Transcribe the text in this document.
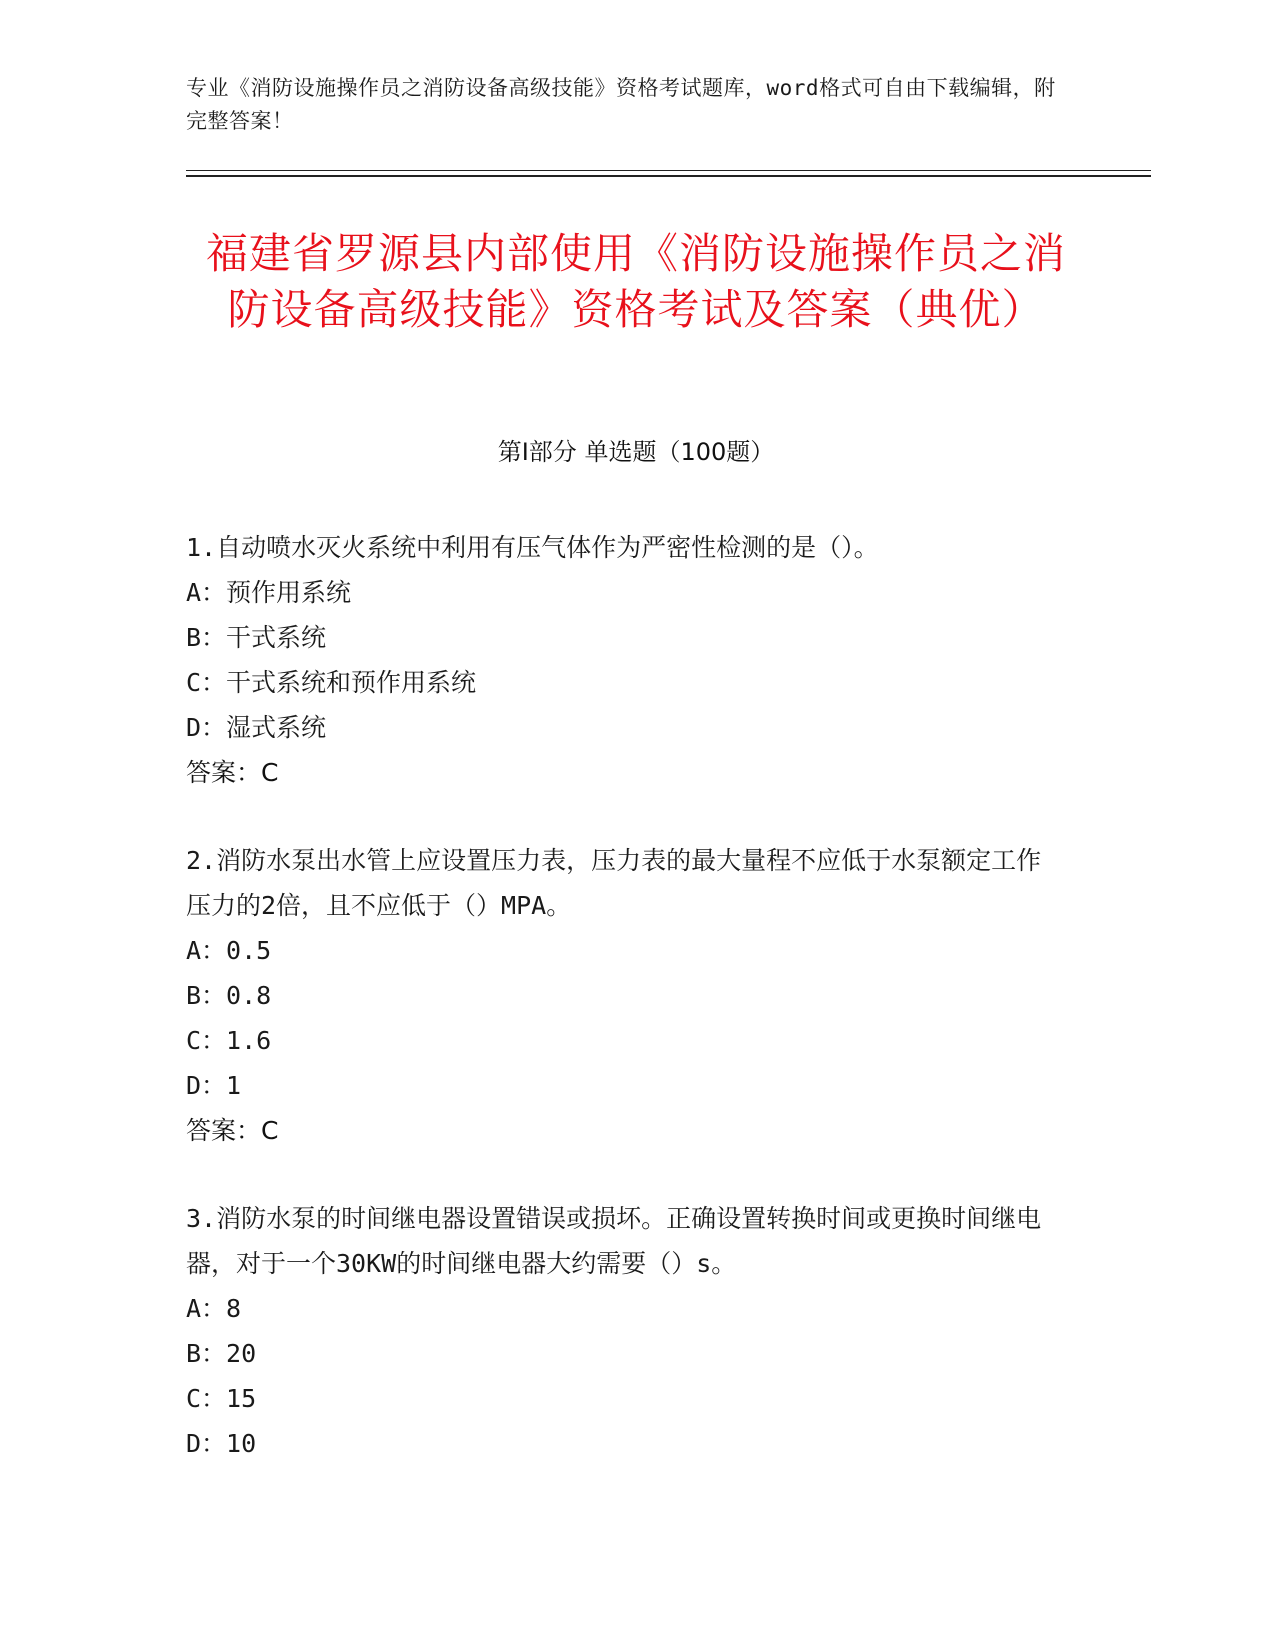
专业《消防设施操作员之消防设备高级技能》资格考试题库，word格式可自由下载编辑，附完整答案！
福建省罗源县内部使用《消防设施操作员之消防设备高级技能》资格考试及答案（典优）
第I部分 单选题（100题）

1.自动喷水灭火系统中利用有压气体作为严密性检测的是（）。

A：预作用系统

B：干式系统

C：干式系统和预作用系统

D：湿式系统

答案：C

2.消防水泵出水管上应设置压力表，压力表的最大量程不应低于水泵额定工作压力的2倍，且不应低于（）MPA。

A：0.5

B：0.8

C：1.6

D：1

答案：C

3.消防水泵的时间继电器设置错误或损坏。正确设置转换时间或更换时间继电器，对于一个30KW的时间继电器大约需要（）s。

A：8

B：20

C：15

D：10
